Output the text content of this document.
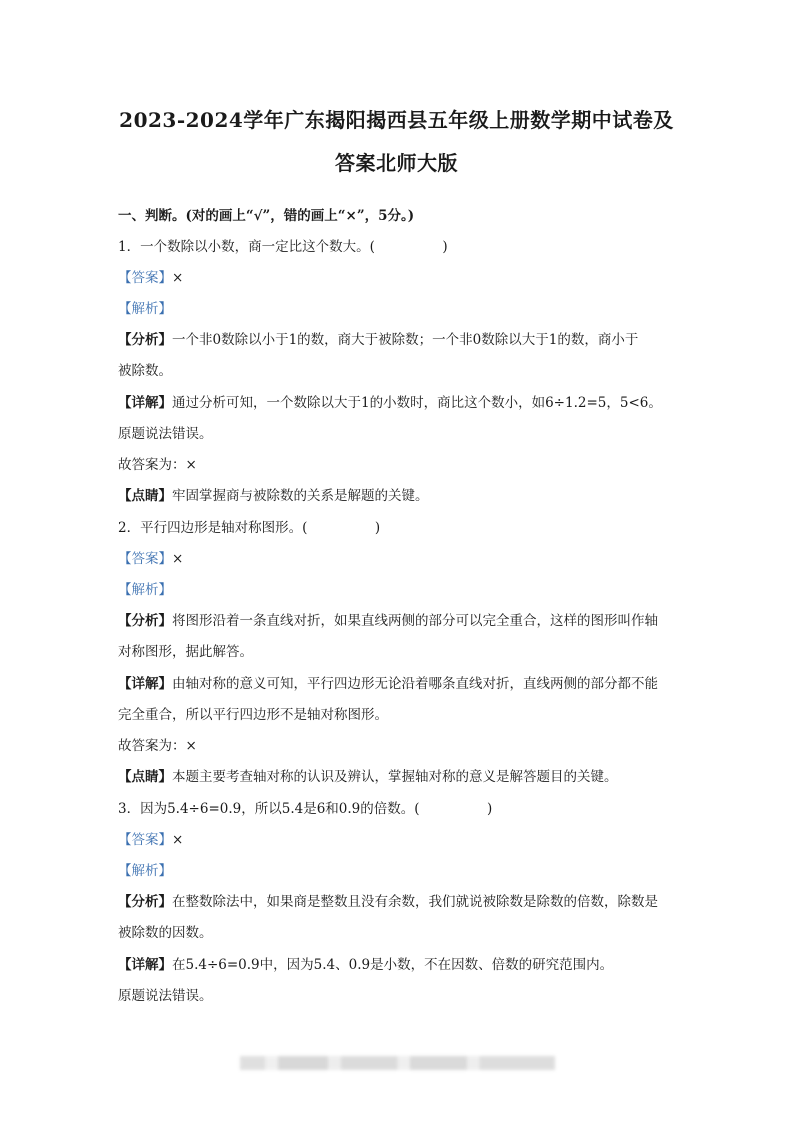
2023-2024学年广东揭阳揭西县五年级上册数学期中试卷及
答案北师大版
一、判断。(对的画上“√”，错的画上“×”，5分。)
1．一个数除以小数，商一定比这个数大。(　　　　　)
【答案】×
【解析】
【分析】一个非0数除以小于1的数，商大于被除数；一个非0数除以大于1的数，商小于
被除数。
【详解】通过分析可知，一个数除以大于1的小数时，商比这个数小，如6÷1.2=5，5<6。
原题说法错误。
故答案为：×
【点睛】牢固掌握商与被除数的关系是解题的关键。
2．平行四边形是轴对称图形。(　　　　　)
【答案】×
【解析】
【分析】将图形沿着一条直线对折，如果直线两侧的部分可以完全重合，这样的图形叫作轴
对称图形，据此解答。
【详解】由轴对称的意义可知，平行四边形无论沿着哪条直线对折，直线两侧的部分都不能
完全重合，所以平行四边形不是轴对称图形。
故答案为：×
【点睛】本题主要考查轴对称的认识及辨认，掌握轴对称的意义是解答题目的关键。
3．因为5.4÷6=0.9，所以5.4是6和0.9的倍数。(　　　　　)
【答案】×
【解析】
【分析】在整数除法中，如果商是整数且没有余数，我们就说被除数是除数的倍数，除数是
被除数的因数。
【详解】在5.4÷6=0.9中，因为5.4、0.9是小数，不在因数、倍数的研究范围内。
原题说法错误。
